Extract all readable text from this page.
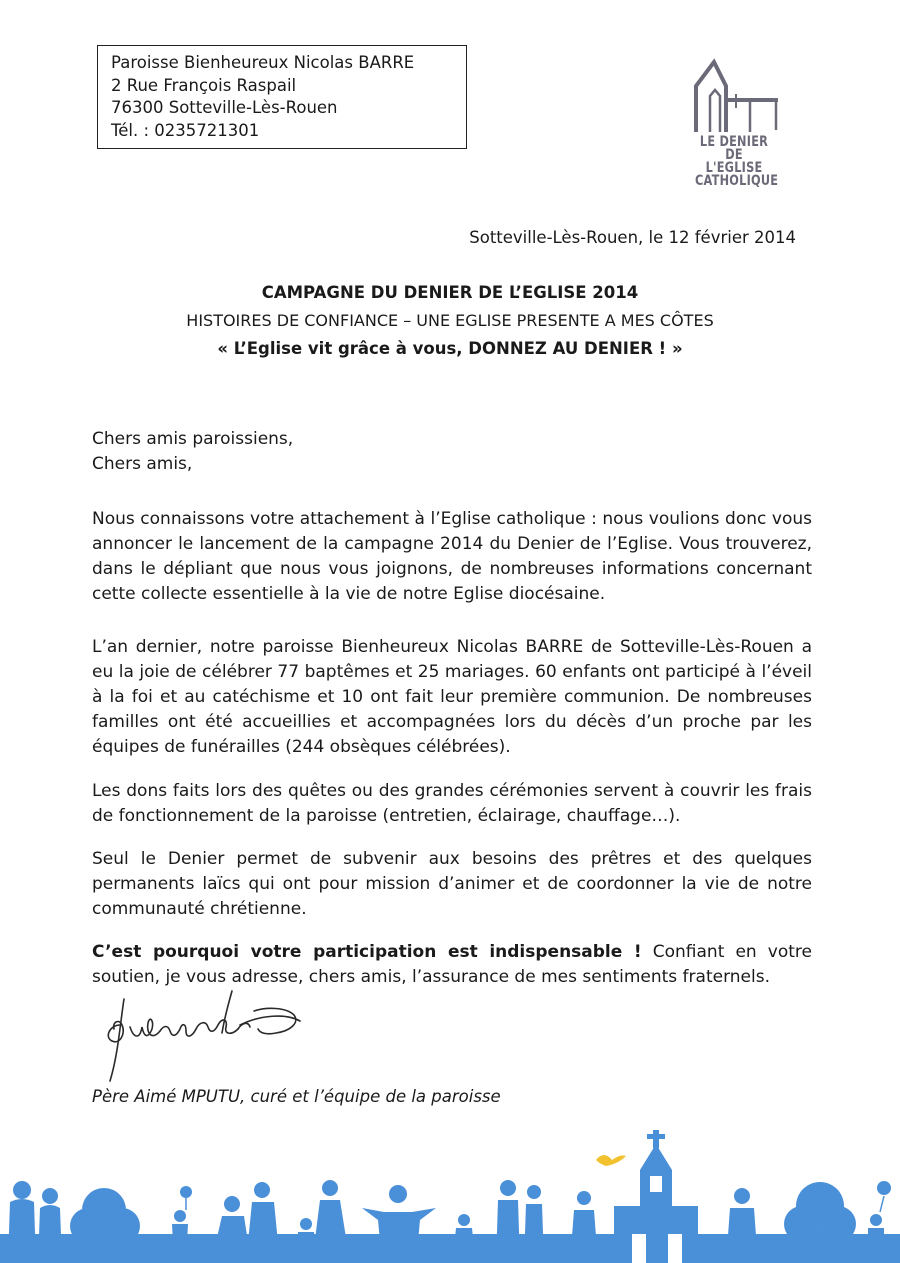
Paroisse Bienheureux Nicolas BARRE
2 Rue François Raspail
76300 Sotteville-Lès-Rouen
Tél. : 0235721301
LE DENIER
DE L'EGLISE
CATHOLIQUE
Sotteville-Lès-Rouen, le 12 février 2014
CAMPAGNE DU DENIER DE L’EGLISE 2014
HISTOIRES DE CONFIANCE – UNE EGLISE PRESENTE A MES CÔTES
« L’Eglise vit grâce à vous, DONNEZ AU DENIER ! »
Chers amis paroissiens,
Chers amis,
Nous connaissons votre attachement à l’Eglise catholique : nous voulions donc vous annoncer le lancement de la campagne 2014 du Denier de l’Eglise. Vous trouverez, dans le dépliant que nous vous joignons, de nombreuses informations concernant cette collecte essentielle à la vie de notre Eglise diocésaine.
L’an dernier, notre paroisse Bienheureux Nicolas BARRE de Sotteville-Lès-Rouen a eu la joie de célébrer 77 baptêmes et 25 mariages. 60 enfants ont participé à l’éveil à la foi et au catéchisme et 10 ont fait leur première communion. De nombreuses familles ont été accueillies et accompagnées lors du décès d’un proche par les équipes de funérailles (244 obsèques célébrées).
Les dons faits lors des quêtes ou des grandes cérémonies servent à couvrir les frais de fonctionnement de la paroisse (entretien, éclairage, chauffage…).
Seul le Denier permet de subvenir aux besoins des prêtres et des quelques permanents laïcs qui ont pour mission d’animer et de coordonner la vie de notre communauté chrétienne.
C’est pourquoi votre participation est indispensable ! Confiant en votre soutien, je vous adresse, chers amis, l’assurance de mes sentiments fraternels.
Père Aimé MPUTU, curé et l’équipe de la paroisse
